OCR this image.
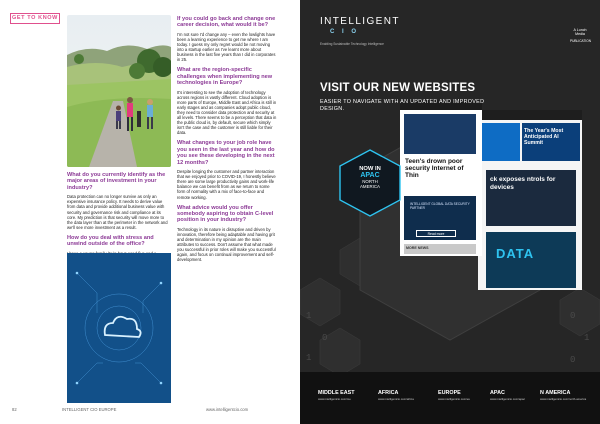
GET TO KNOW
What do you currently identify as the major areas of investment in your industry?
Data protection can no longer survive as only an expensive insurance policy. It needs to derive value from data and provide additional business value with security and governance risk and compliance at its core. My prediction is that security will move more to the data layer than at the perimeter in the network and we'll see more investment as a result.
How do you deal with stress and unwind outside of the office?
If you could go back and change one career decision, what would it be?
I'm not sure I'd change any – even the lowlights have been a learning experience to get me where I am today. I guess my only regret would be not moving into a startup earlier as I've learnt more about business in the last five years than I did in corporates in 25.
What are the region-specific challenges when implementing new technologies in Europe?
It's interesting to see the adoption of technology across regions is vastly different. Cloud adoption is more parts of Europe, Middle East and Africa is still in early stages and as companies adopt public cloud, they need to consider data protection and security at all levels. There seems to be a perception that data in the public cloud is, by default, secure which simply isn't the case and the customer is still liable for their data.
What changes to your job role have you seen in the last year and how do you see these developing in the next 12 months?
Despite longing the customer and partner interaction that we enjoyed prior to COVID-19, I honestly believe there are some large productivity gains and work-life balance we can benefit from as we return to some form of normality with a mix of face-to-face and remote working.
What advice would you offer somebody aspiring to obtain C-level position in your industry?
Technology in its nature is disruptive and driven by innovation, therefore being adaptable and having grit and determination in my opinion are the main attributes to success. Don't assume that what made you successful in prior roles will make you successful again, and focus on continual improvement and self-development.
82	INTELLIGENT CIO EUROPE	www.intelligentcio.com
1
0
1
0
1
0
INTELLIGENT
C I O
Enabling Sustainable Technology Intelligence
A Lunch Media
PUBLICATION
VISIT OUR NEW WEBSITES
EASIER TO NAVIGATE WITH AN UPDATED AND IMPROVED DESIGN.
NOW IN
APAC
NORTH
AMERICA
Teen's drown poor security Internet of Thin
Read more
The Year's Most Anticipated AI Summit
ck exposes ntrols for devices
DATA
MORE NEWS
INTELLIGENT GLOBAL DATA SECURITY PARTNER
MIDDLE EAST
www.intelligentcio.com/me
AFRICA
www.intelligentcio.com/africa
EUROPE
www.intelligentcio.com/eu
APAC
www.intelligentcio.com/apac
N AMERICA
www.intelligentcio.com/north-america
